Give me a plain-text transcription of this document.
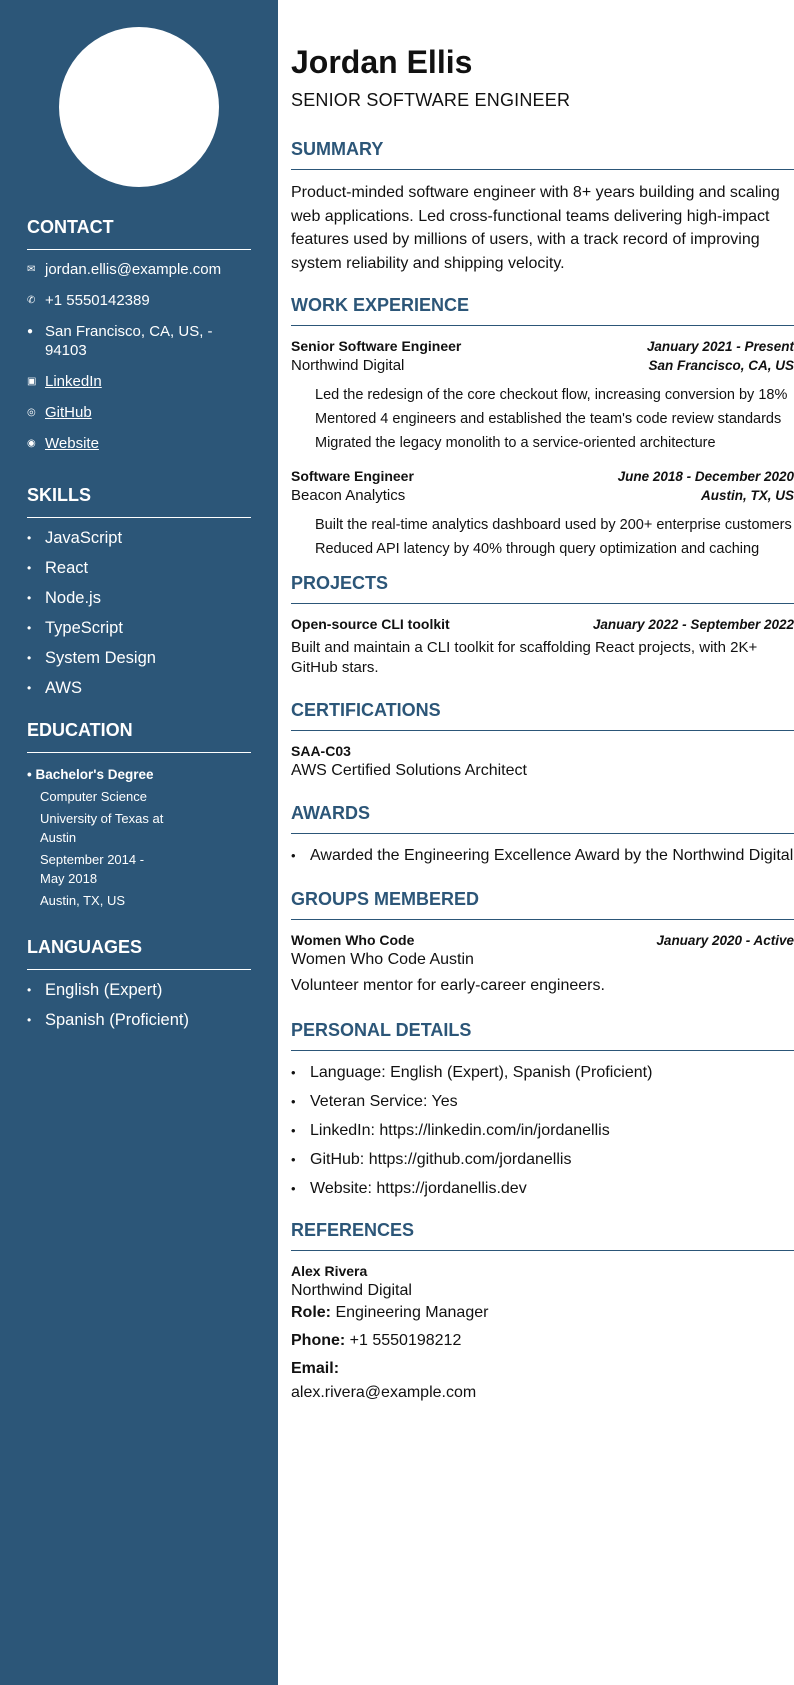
CONTACT
✉ jordan.ellis@example.com
✆ +1 5550142389
● San Francisco, CA, US, - 94103
▣ LinkedIn
◎ GitHub
◉ Website
SKILLS
• JavaScript
• React
• Node.js
• TypeScript
• System Design
• AWS
EDUCATION
• Bachelor's Degree
Computer Science
University of Texas at Austin
September 2014 - May 2018
Austin, TX, US
LANGUAGES
• English (Expert)
• Spanish (Proficient)
Jordan Ellis
SENIOR SOFTWARE ENGINEER
SUMMARY
Product-minded software engineer with 8+ years building and scaling web applications. Led cross-functional teams delivering high-impact features used by millions of users, with a track record of improving system reliability and shipping velocity.
WORK EXPERIENCE
Senior Software Engineer	January 2021 - Present
Northwind Digital	San Francisco, CA, US
Led the redesign of the core checkout flow, increasing conversion by 18%
Mentored 4 engineers and established the team's code review standards
Migrated the legacy monolith to a service-oriented architecture
Software Engineer	June 2018 - December 2020
Beacon Analytics	Austin, TX, US
Built the real-time analytics dashboard used by 200+ enterprise customers
Reduced API latency by 40% through query optimization and caching
PROJECTS
Open-source CLI toolkit	January 2022 - September 2022
Built and maintain a CLI toolkit for scaffolding React projects, with 2K+ GitHub stars.
CERTIFICATIONS
SAA-C03
AWS Certified Solutions Architect
AWARDS
• Awarded the Engineering Excellence Award by the Northwind Digital
GROUPS MEMBERED
Women Who Code	January 2020 - Active
Women Who Code Austin
Volunteer mentor for early-career engineers.
PERSONAL DETAILS
• Language: English (Expert), Spanish (Proficient)
• Veteran Service: Yes
• LinkedIn: https://linkedin.com/in/jordanellis
• GitHub: https://github.com/jordanellis
• Website: https://jordanellis.dev
REFERENCES
Alex Rivera
Northwind Digital
Role: Engineering Manager
Phone: +1 5550198212
Email:
alex.rivera@example.com
